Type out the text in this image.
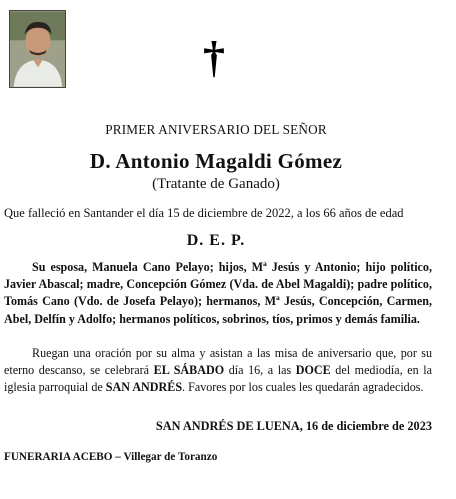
†
PRIMER ANIVERSARIO DEL SEÑOR
D. Antonio Magaldi Gómez
(Tratante de Ganado)
Que falleció en Santander el día 15 de diciembre de 2022, a los 66 años de edad
D. E. P.
Su esposa, Manuela Cano Pelayo; hijos, Mª Jesús y Antonio; hijo político, Javier Abascal; madre, Concepción Gómez (Vda. de Abel Magaldi); padre político, Tomás Cano (Vdo. de Josefa Pelayo); hermanos, Mª Jesús, Concepción, Carmen, Abel, Delfín y Adolfo; hermanos políticos, sobrinos, tíos, primos y demás familia.
Ruegan una oración por su alma y asistan a las misa de aniversario que, por su eterno descanso, se celebrará EL SÁBADO día 16, a las DOCE del mediodía, en la iglesia parroquial de SAN ANDRÉS. Favores por los cuales les quedarán agradecidos.
SAN ANDRÉS DE LUENA, 16 de diciembre de 2023
FUNERARIA ACEBO – Villegar de Toranzo
